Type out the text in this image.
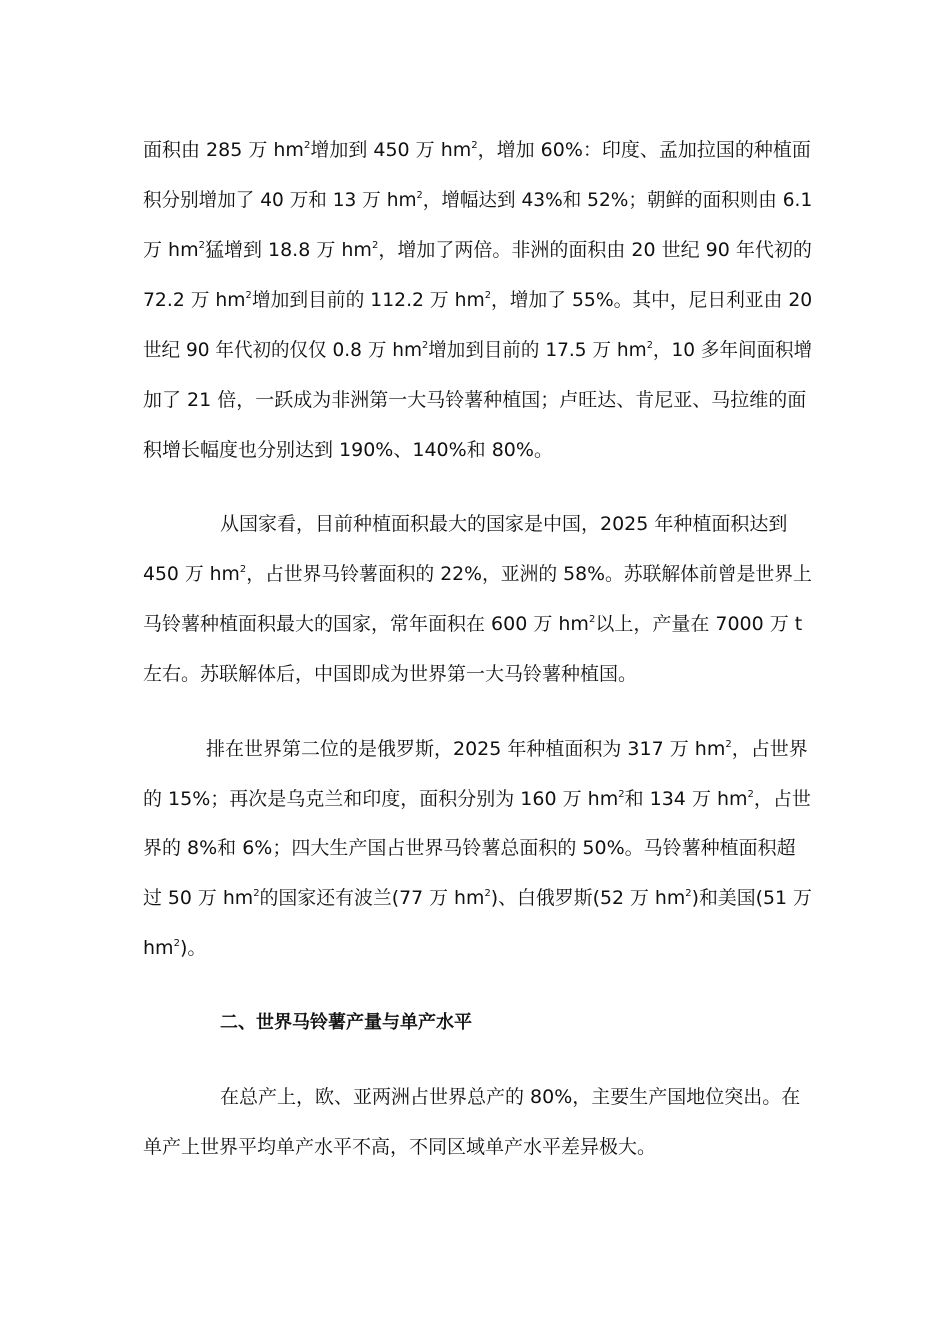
面积由 285 万 $hm^2$增加到 450 万 $hm^2$，增加 60%：印度、孟加拉国的种植面
积分别增加了 40 万和 13 万 $hm^2$，增幅达到 43%和 52%；朝鲜的面积则由 6.1
万 $hm^2$猛增到 18.8 万 $hm^2$，增加了两倍。非洲的面积由 20 世纪 90 年代初的
72.2 万 $hm^2$增加到目前的 112.2 万 $hm^2$，增加了 55%。其中，尼日利亚由 20
世纪 90 年代初的仅仅 0.8 万 $hm^2$增加到目前的 17.5 万 $hm^2$，10 多年间面积增
加了 21 倍，一跃成为非洲第一大马铃薯种植国；卢旺达、肯尼亚、马拉维的面
积增长幅度也分别达到 190%、140%和 80%。
从国家看，目前种植面积最大的国家是中国，2025 年种植面积达到
450 万 $hm^2$，占世界马铃薯面积的 22%，亚洲的 58%。苏联解体前曾是世界上
马铃薯种植面积最大的国家，常年面积在 600 万 $hm^2$以上，产量在 7000 万 t
左右。苏联解体后，中国即成为世界第一大马铃薯种植国。
排在世界第二位的是俄罗斯，2025 年种植面积为 317 万 $hm^2$，占世界
的 15%；再次是乌克兰和印度，面积分别为 160 万 $hm^2$和 134 万 $hm^2$，占世
界的 8%和 6%；四大生产国占世界马铃薯总面积的 50%。马铃薯种植面积超
过 50 万 $hm^2$的国家还有波兰(77 万 $hm^2$)、白俄罗斯(52 万 $hm^2$)和美国(51 万
$hm^2$)。
二、世界马铃薯产量与单产水平
在总产上，欧、亚两洲占世界总产的 80%，主要生产国地位突出。在
单产上世界平均单产水平不高，不同区域单产水平差异极大。
